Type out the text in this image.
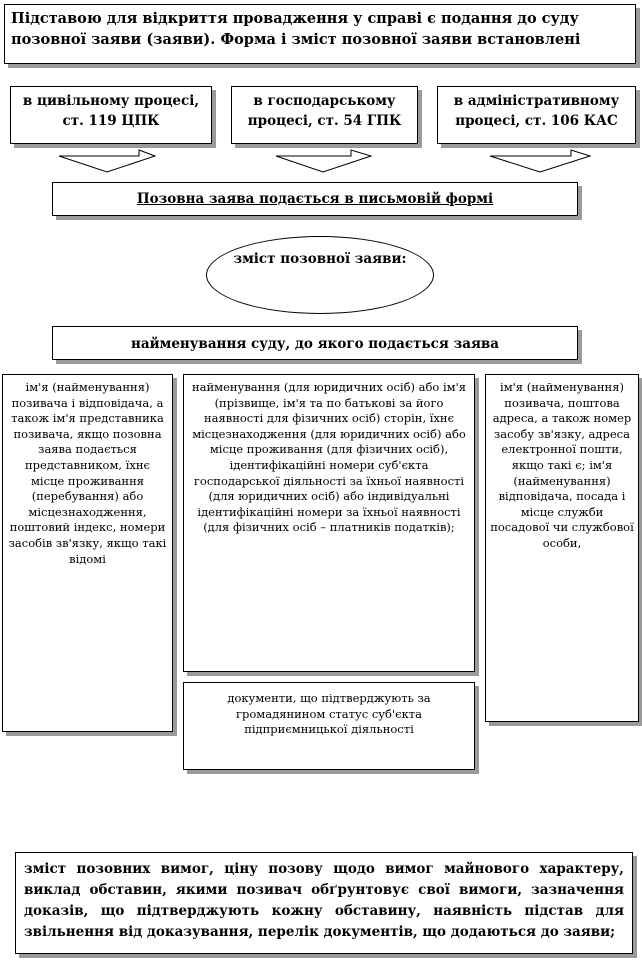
Підставою для відкриття провадження у справі є подання до суду позовної заяви (заяви). Форма і зміст позовної заяви встановлені
в цивільному процесі, ст. 119 ЦПК
в господарському процесі, ст. 54 ГПК
в адміністративному процесі, ст. 106 КАС
Позовна заява подається в письмовій формі
зміст позовної заяви:
найменування суду, до якого подається заява
ім'я (найменування) позивача і відповідача, а також ім'я представника позивача, якщо позовна заява подається представником, їхнє місце проживання (перебування) або місцезнаходження, поштовий індекс, номери засобів зв'язку, якщо такі відомі
найменування (для юридичних осіб) або ім'я (прізвище, ім'я та по батькові за його наявності для фізичних осіб) сторін, їхнє місцезнаходження (для юридичних осіб) або місце проживання (для фізичних осіб), ідентифікаційні номери суб'єкта господарської діяльності за їхньої наявності (для юридичних осіб) або індивідуальні ідентифікаційні номери за їхньої наявності (для фізичних осіб – платників податків);
ім'я (найменування) позивача, поштова адреса, а також номер засобу зв'язку, адреса електронної пошти, якщо такі є; ім'я (найменування) відповідача, посада і місце служби посадової чи службової особи,
документи, що підтверджують за громадянином статус суб'єкта підприємницької діяльності
зміст позовних вимог, ціну позову щодо вимог майнового характеру, виклад обставин, якими позивач обґрунтовує свої вимоги, зазначення доказів, що підтверджують кожну обставину, наявність підстав для звільнення від доказування, перелік документів, що додаються до заяви;
